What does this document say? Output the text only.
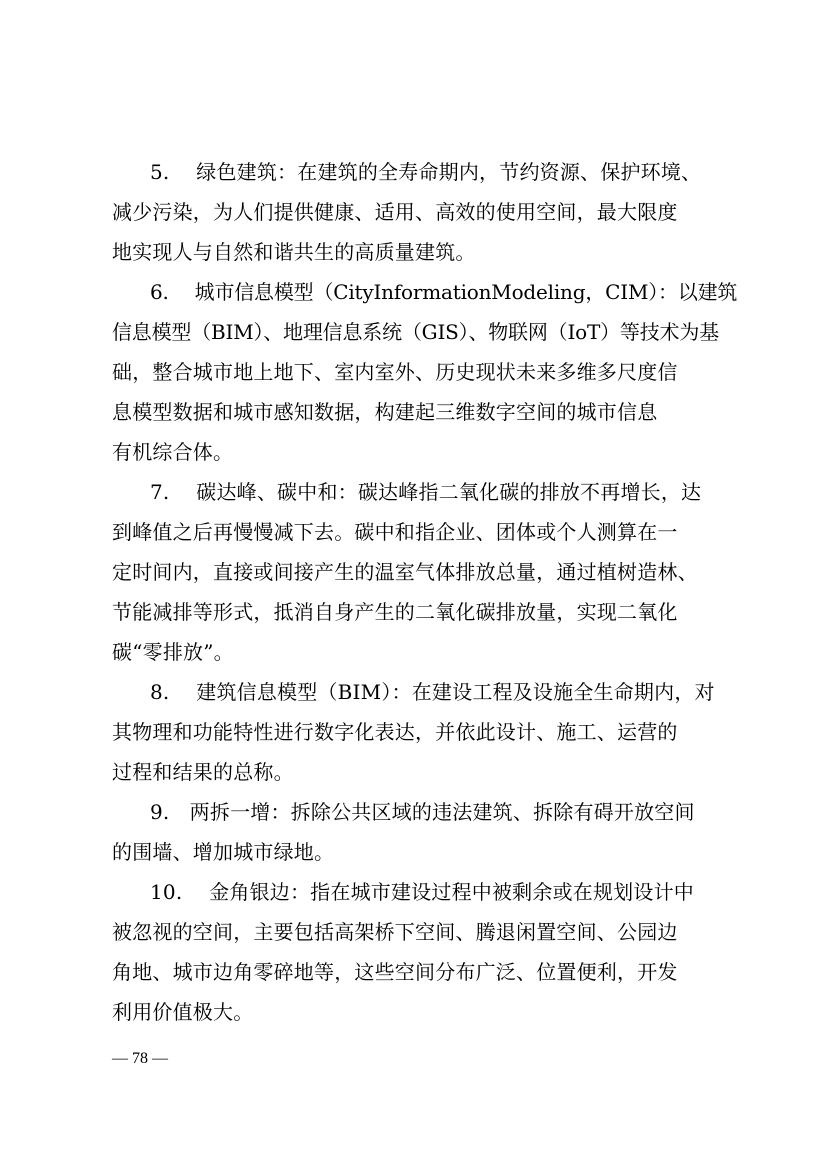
5.　 绿色建筑：在建筑的全寿命期内，节约资源、保护环境、
减少污染，为人们提供健康、适用、高效的使用空间，最大限度
地实现人与自然和谐共生的高质量建筑。
6.　 城市信息模型（CityInformationModeling，CIM）：以建筑
信息模型（BIM）、地理信息系统（GIS）、物联网（IoT）等技术为基
础，整合城市地上地下、室内室外、历史现状未来多维多尺度信
息模型数据和城市感知数据，构建起三维数字空间的城市信息
有机综合体。
7.　 碳达峰、碳中和：碳达峰指二氧化碳的排放不再增长，达
到峰值之后再慢慢减下去。碳中和指企业、团体或个人测算在一
定时间内，直接或间接产生的温室气体排放总量，通过植树造林、
节能减排等形式，抵消自身产生的二氧化碳排放量，实现二氧化
碳“零排放”。
8.　 建筑信息模型（BIM）：在建设工程及设施全生命期内，对
其物理和功能特性进行数字化表达，并依此设计、施工、运营的
过程和结果的总称。
9.　两拆一增：拆除公共区域的违法建筑、拆除有碍开放空间
的围墙、增加城市绿地。
10.　 金角银边：指在城市建设过程中被剩余或在规划设计中
被忽视的空间，主要包括高架桥下空间、腾退闲置空间、公园边
角地、城市边角零碎地等，这些空间分布广泛、位置便利，开发
利用价值极大。
— 78 —
